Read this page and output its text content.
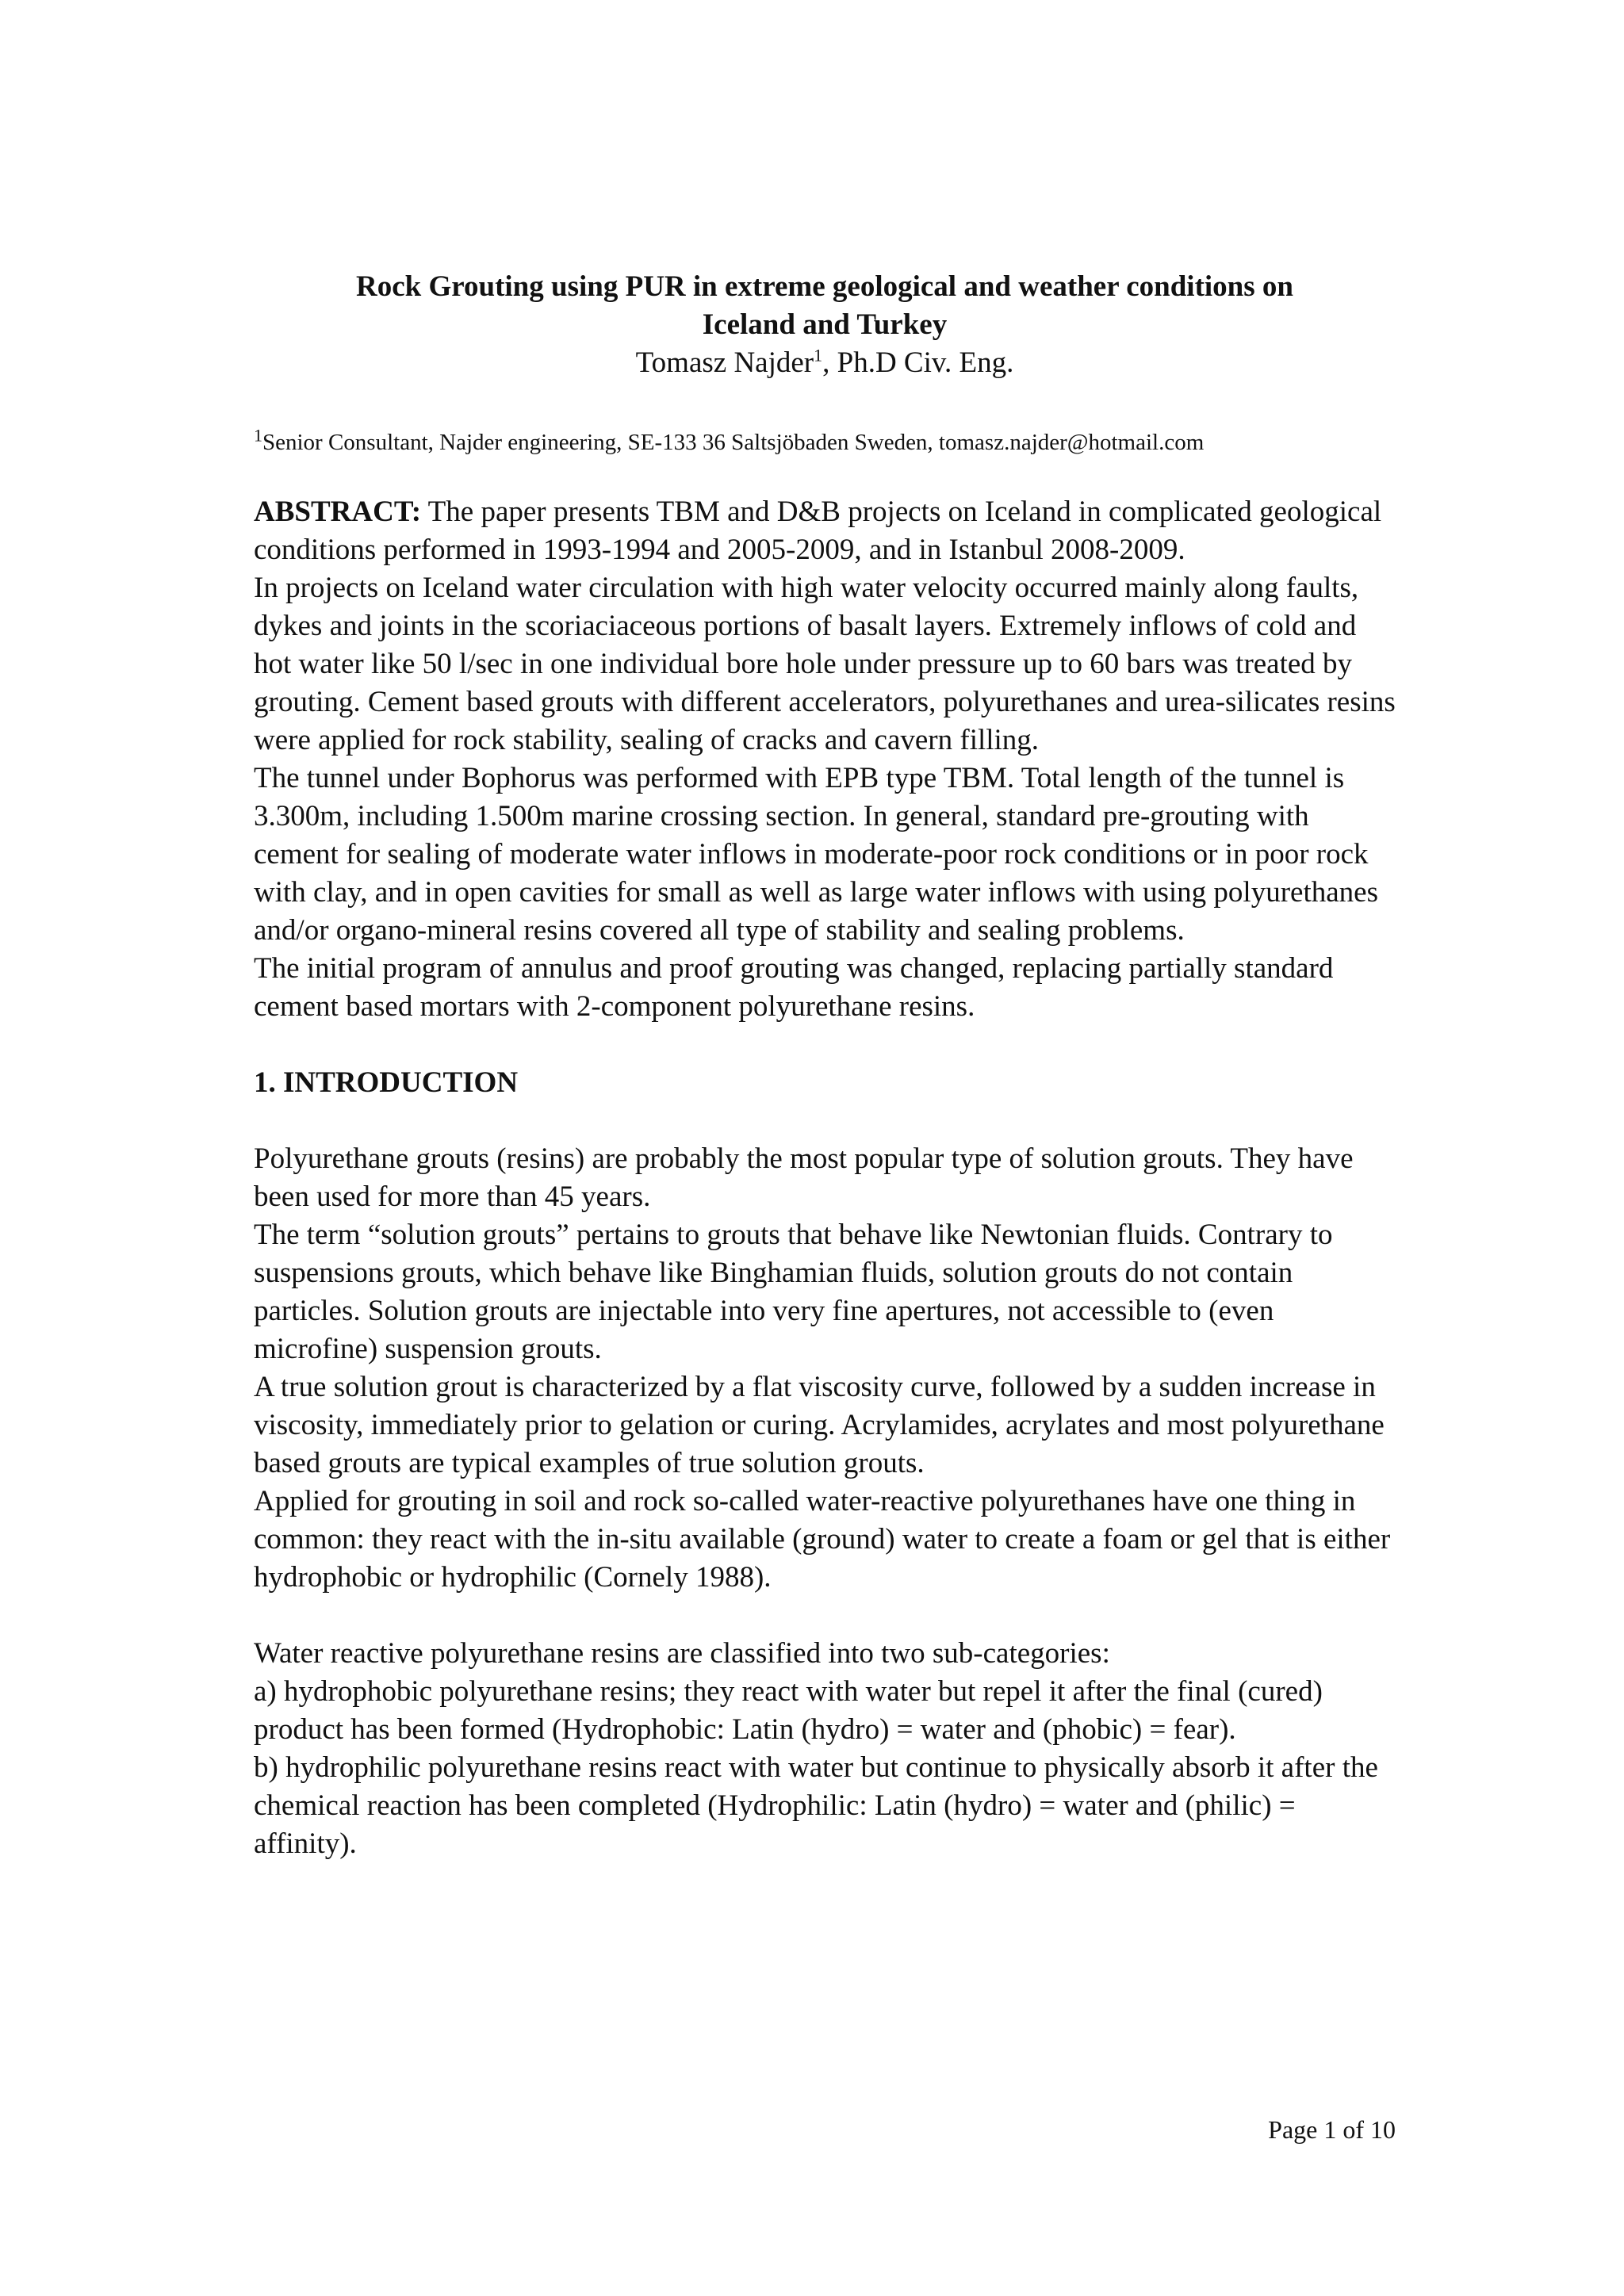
Rock Grouting using PUR in extreme geological and weather conditions on Iceland and Turkey

Tomasz Najder$^1$, Ph.D Civ. Eng.

$^1$Senior Consultant, Najder engineering, SE-133 36 Saltsjöbaden Sweden, tomasz.najder@hotmail.com

ABSTRACT: The paper presents TBM and D&B projects on Iceland in complicated geological conditions performed in 1993-1994 and 2005-2009, and in Istanbul 2008-2009.

In projects on Iceland water circulation with high water velocity occurred mainly along faults, dykes and joints in the scoriaciaceous portions of basalt layers. Extremely inflows of cold and hot water like 50 l/sec in one individual bore hole under pressure up to 60 bars was treated by grouting. Cement based grouts with different accelerators, polyurethanes and urea-silicates resins were applied for rock stability, sealing of cracks and cavern filling.

The tunnel under Bophorus was performed with EPB type TBM. Total length of the tunnel is 3.300m, including 1.500m marine crossing section. In general, standard pre-grouting with cement for sealing of moderate water inflows in moderate-poor rock conditions or in poor rock with clay, and in open cavities for small as well as large water inflows with using polyurethanes and/or organo-mineral resins covered all type of stability and sealing problems.

The initial program of annulus and proof grouting was changed, replacing partially standard cement based mortars with 2-component polyurethane resins.

1. INTRODUCTION

Polyurethane grouts (resins) are probably the most popular type of solution grouts. They have been used for more than 45 years.

The term “solution grouts” pertains to grouts that behave like Newtonian fluids. Contrary to suspensions grouts, which behave like Binghamian fluids, solution grouts do not contain particles. Solution grouts are injectable into very fine apertures, not accessible to (even microfine) suspension grouts.

A true solution grout is characterized by a flat viscosity curve, followed by a sudden increase in viscosity, immediately prior to gelation or curing. Acrylamides, acrylates and most polyurethane based grouts are typical examples of true solution grouts.

Applied for grouting in soil and rock so-called water-reactive polyurethanes have one thing in common: they react with the in-situ available (ground) water to create a foam or gel that is either hydrophobic or hydrophilic (Cornely 1988).

Water reactive polyurethane resins are classified into two sub-categories:

a) hydrophobic polyurethane resins; they react with water but repel it after the final (cured) product has been formed (Hydrophobic: Latin (hydro) = water and (phobic) = fear).

b) hydrophilic polyurethane resins react with water but continue to physically absorb it after the chemical reaction has been completed (Hydrophilic: Latin (hydro) = water and (philic) = affinity).

Page 1 of 10
